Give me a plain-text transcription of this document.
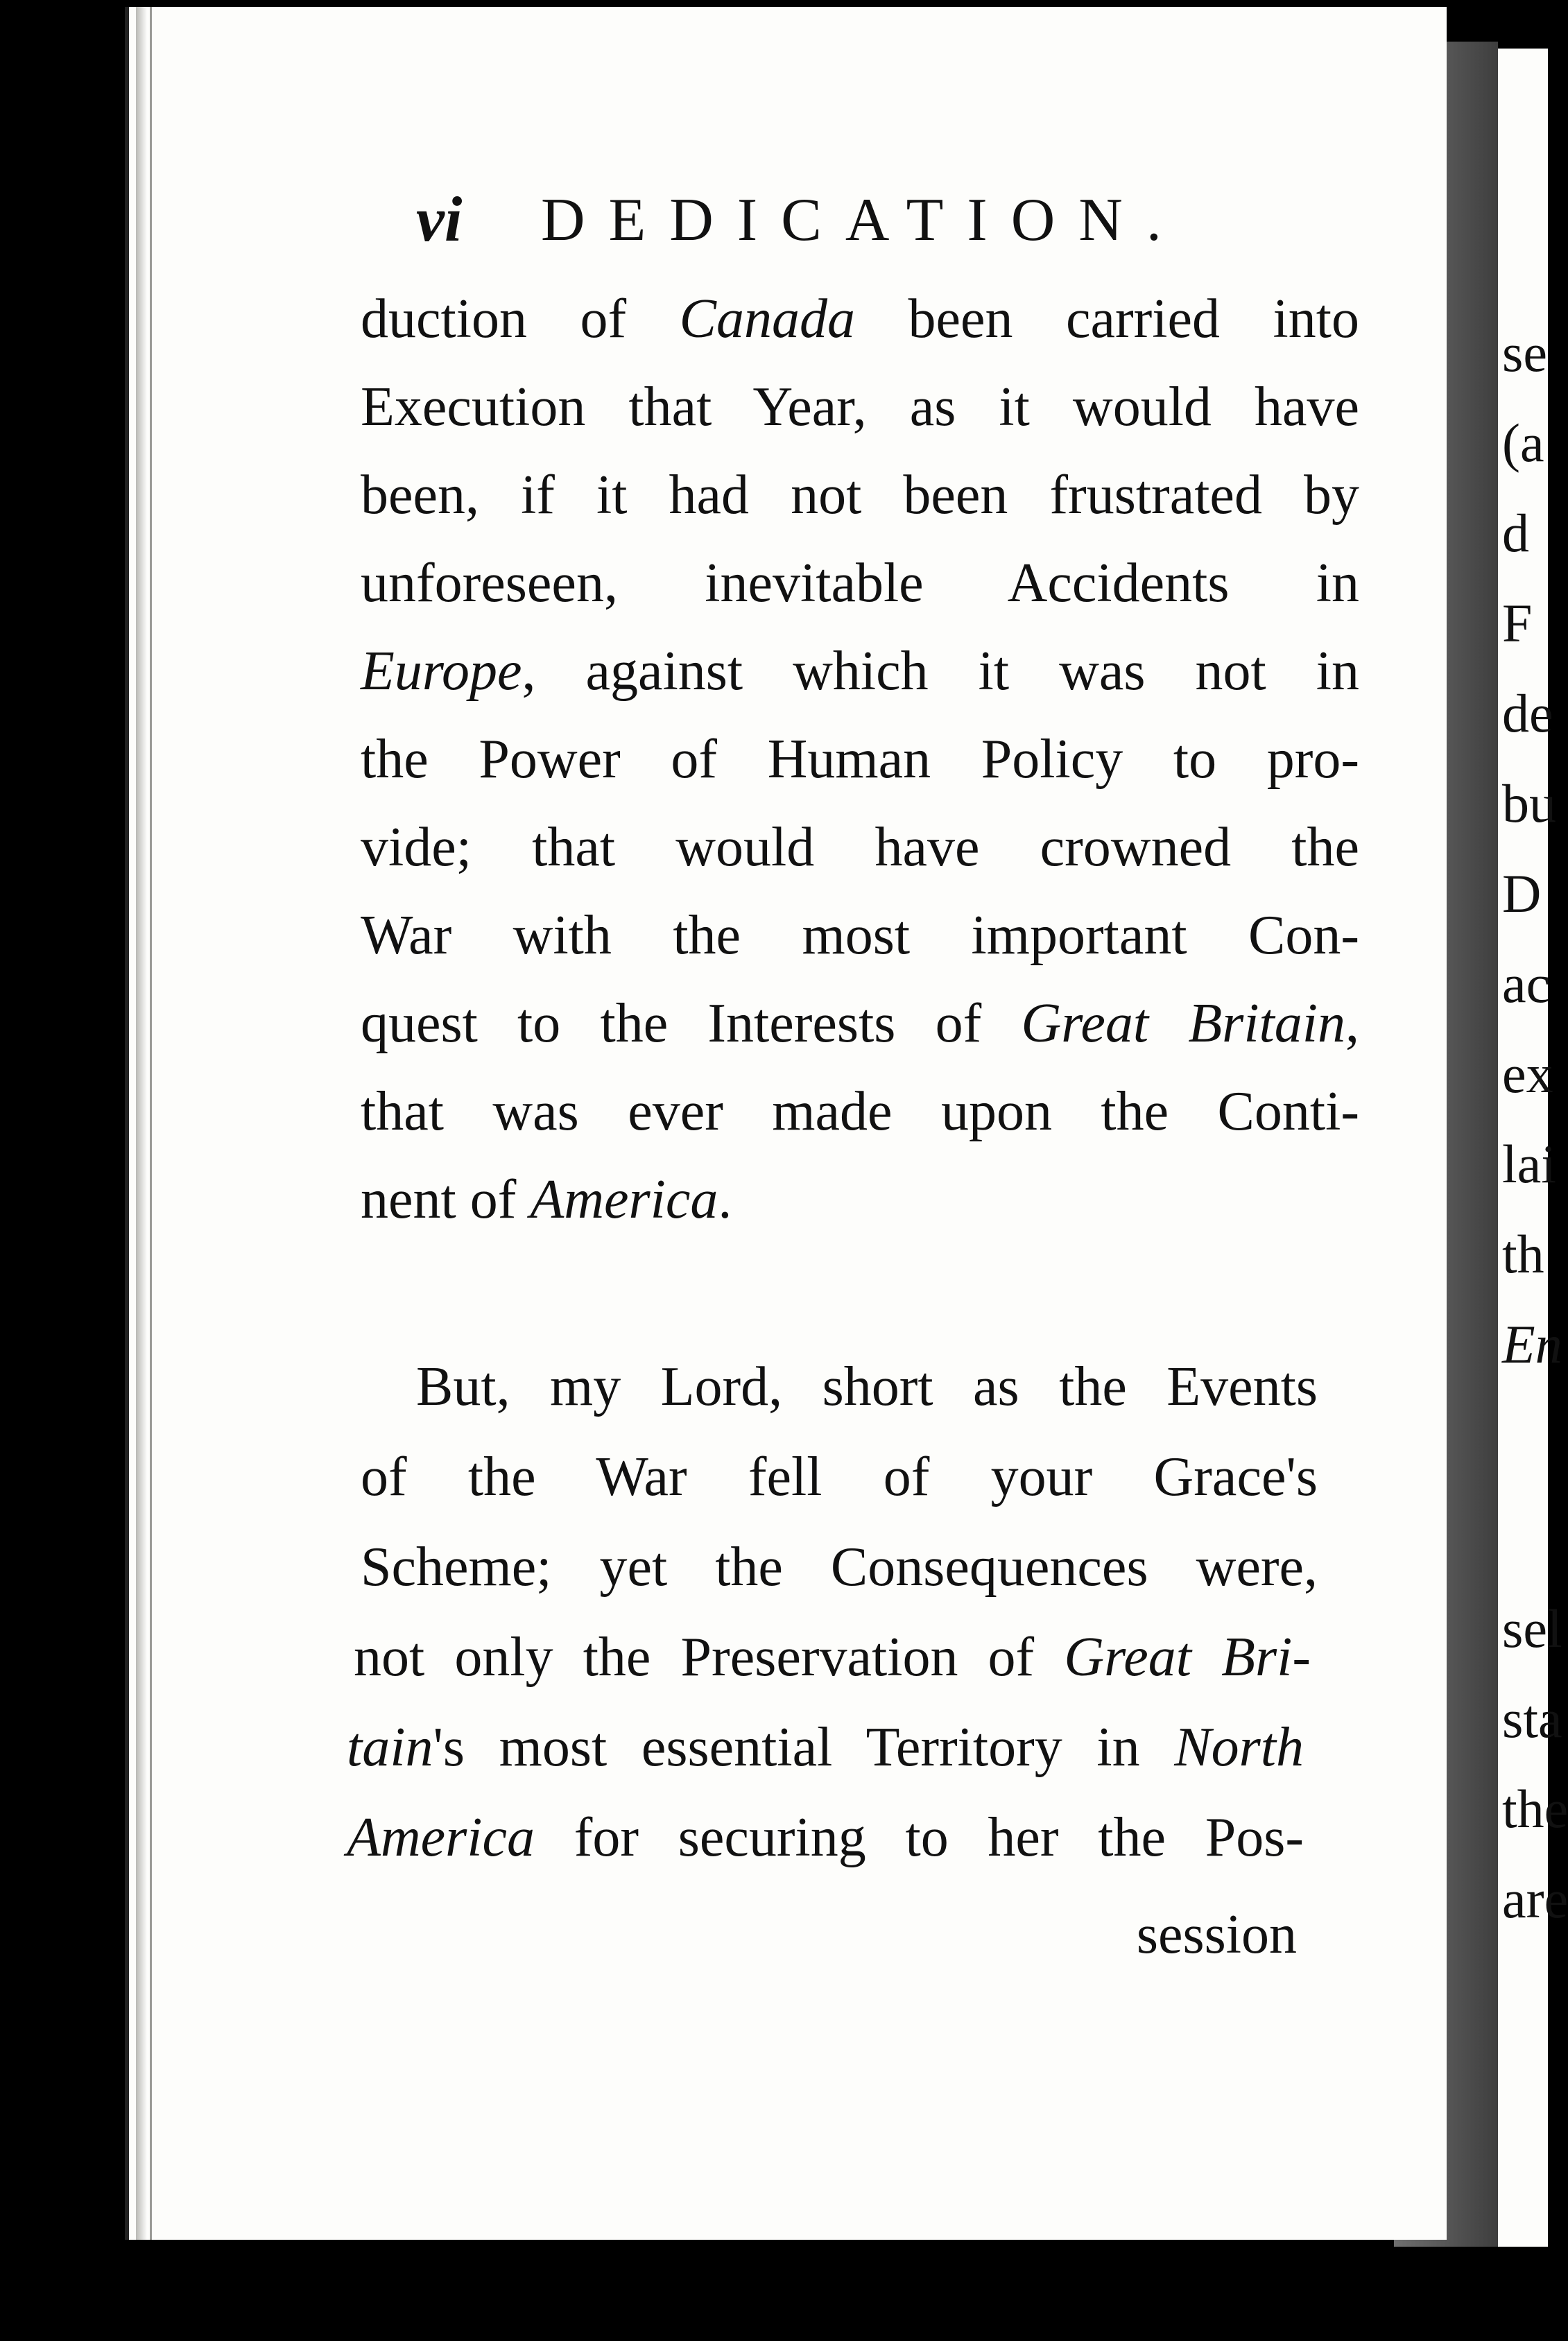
vi DEDICATION.
duction of Canada been carried into
Execution that Year, as it would have
been, if it had not been frustrated by
unforeseen, inevitable Accidents in
Europe, against which it was not in
the Power of Human Policy to pro-
vide; that would have crowned the
War with the most important Con-
quest to the Interests of Great Britain,
that was ever made upon the Conti-
nent of America.
But, my Lord, short as the Events
of the War fell of your Grace's
Scheme; yet the Consequences were,
not only the Preservation of Great Bri-
tain's most essential Territory in North
America for securing to her the Pos-
session
se
(a
d
F
de
bu
D
ac
ex
lai
th
En
sel
sta
the
are
